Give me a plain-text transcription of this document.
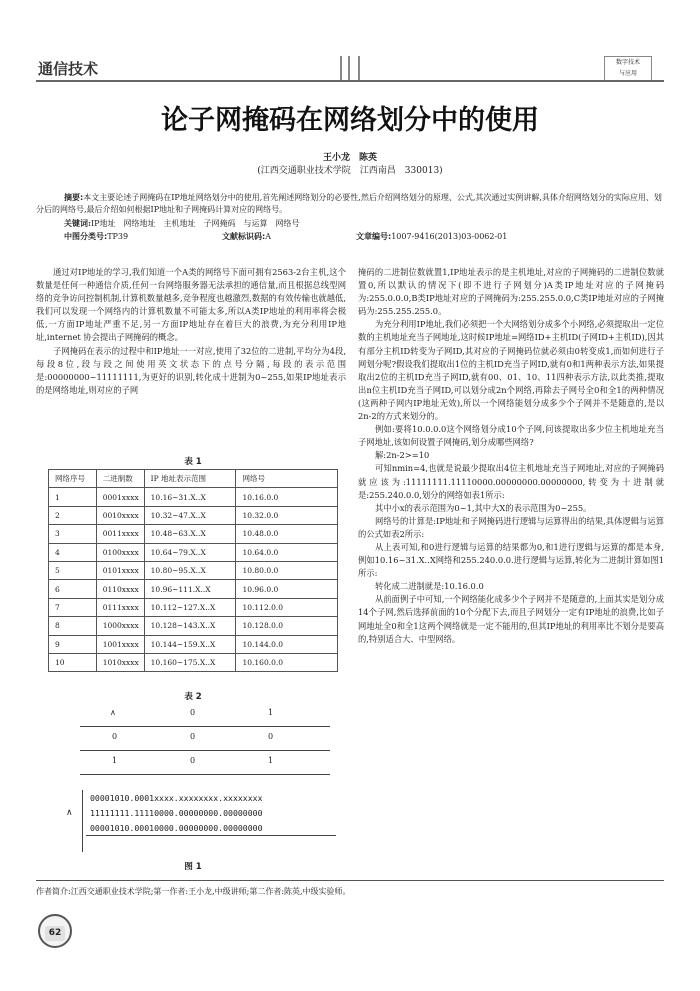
通信技术	数字技术
与应用
论子网掩码在网络划分中的使用
王小龙　陈英
(江西交通职业技术学院　江西南昌　330013)
摘要:本文主要论述子网掩码在IP地址网络划分中的使用,首先阐述网络划分的必要性,然后介绍网络划分的原理、公式,其次通过实例讲解,具体介绍网络划分的实际应用、划分后的网络号,最后介绍如何根据IP地址和子网掩码计算对应的网络号。
关键词:IP地址　网络地址　主机地址　子网掩码　与运算　网络号
中图分类号:TP39	文献标识码:A	文章编号:1007-9416(2013)03-0062-01

通过对IP地址的学习,我们知道一个A类的网络号下面可拥有2563-2台主机,这个数量是任何一种通信介质,任何一台网络服务器无法承担的通信量,而且根据总线型网络的竞争访问控制机制,计算机数量越多,竞争程度也越激烈,数据的有效传输也就越低,我们可以发现一个网络内的计算机数量不可能太多,所以A类IP地址的利用率将会极低,一方面IP地址严重不足,另一方面IP地址存在着巨大的浪费,为充分利用IP地址,internet 协会提出子网掩码的概念。

子网掩码在表示的过程中和IP地址一一对应,使用了32位的二进制,平均分为4段,每段8位,段与段之间使用英文状态下的点号分隔,每段的表示范围是:00000000~11111111,为更好的识别,转化成十进制为0~255,如果IP地址表示的是网络地址,则对应的子网

表 1
网络序号	二进制数	IP 地址表示范围	网络号
1	0001xxxx	10.16~31.X..X	10.16.0.0
2	0010xxxx	10.32~47.X..X	10.32.0.0
3	0011xxxx	10.48~63.X..X	10.48.0.0
4	0100xxxx	10.64~79.X..X	10.64.0.0
5	0101xxxx	10.80~95.X..X	10.80.0.0
6	0110xxxx	10.96~111.X..X	10.96.0.0
7	0111xxxx	10.112~127.X..X	10.112.0.0
8	1000xxxx	10.128~143.X..X	10.128.0.0
9	1001xxxx	10.144~159.X..X	10.144.0.0
10	1010xxxx	10.160~175.X..X	10.160.0.0
表 2
∧	0	1
0	0	0
1	0	1
∧
00001010.0001xxxx.xxxxxxxx.xxxxxxxx
11111111.11110000.00000000.00000000
00001010.00010000.00000000.00000000
图 1

掩码的二进制位数就置1,IP地址表示的是主机地址,对应的子网掩码的二进制位数就置0,所以默认的情况下(即不进行子网划分)A类IP地址对应的子网掩码为:255.0.0.0,B类IP地址对应的子网掩码为:255.255.0.0,C类IP地址对应的子网掩码为:255.255.255.0。

为充分利用IP地址,我们必须把一个大网络划分成多个小网络,必须提取出一定位数的主机地址充当子网地址,这时候IP地址=网络ID+主机ID(子网ID+主机ID),因其有部分主机ID转变为子网ID,其对应的子网掩码位就必须由0转变成1,而如何进行子网划分呢?假设我们提取出1位的主机ID充当子网ID,就有0和1两种表示方法,如果提取出2位的主机ID充当子网ID,就有00、01、10、11四种表示方法,以此类推,提取出n位主机ID充当子网ID,可以划分成2n个网络,再除去子网号全0和全1的两种情况(这两种子网内IP地址无效),所以一个网络能划分成多少个子网并不是随意的,是以2n-2的方式来划分的。

例如:要将10.0.0.0这个网络划分成10个子网,问该提取出多少位主机地址充当子网地址,该如何设置子网掩码,划分成哪些网络?

解:2n-2>=10

可知nmin=4,也就是说最少提取出4位主机地址充当子网地址,对应的子网掩码就应该为:11111111.11110000.00000000.00000000,转变为十进制就是:255.240.0.0,划分的网络如表1所示:

其中小x的表示范围为0~1,其中大X的表示范围为0~255。

网络号的计算是:IP地址和子网掩码进行逻辑与运算得出的结果,具体逻辑与运算的公式如表2所示:

从上表可知,和0进行逻辑与运算的结果都为0,和1进行逻辑与运算的都是本身,例如10.16~31.X..X网络和255.240.0.0.进行逻辑与运算,转化为二进制计算如图1所示:

转化成二进制就是:10.16.0.0

从前面例子中可知,一个网络能化成多少个子网并不是随意的,上面其实是划分成14个子网,然后选择前面的10个分配下去,而且子网划分一定有IP地址的浪费,比如子网地址全0和全1这两个网络就是一定不能用的,但其IP地址的利用率比不划分是要高的,特别适合大、中型网络。

作者简介:江西交通职业技术学院;第一作者:王小龙,中级讲师;第二作者:陈英,中级实验师。
62
